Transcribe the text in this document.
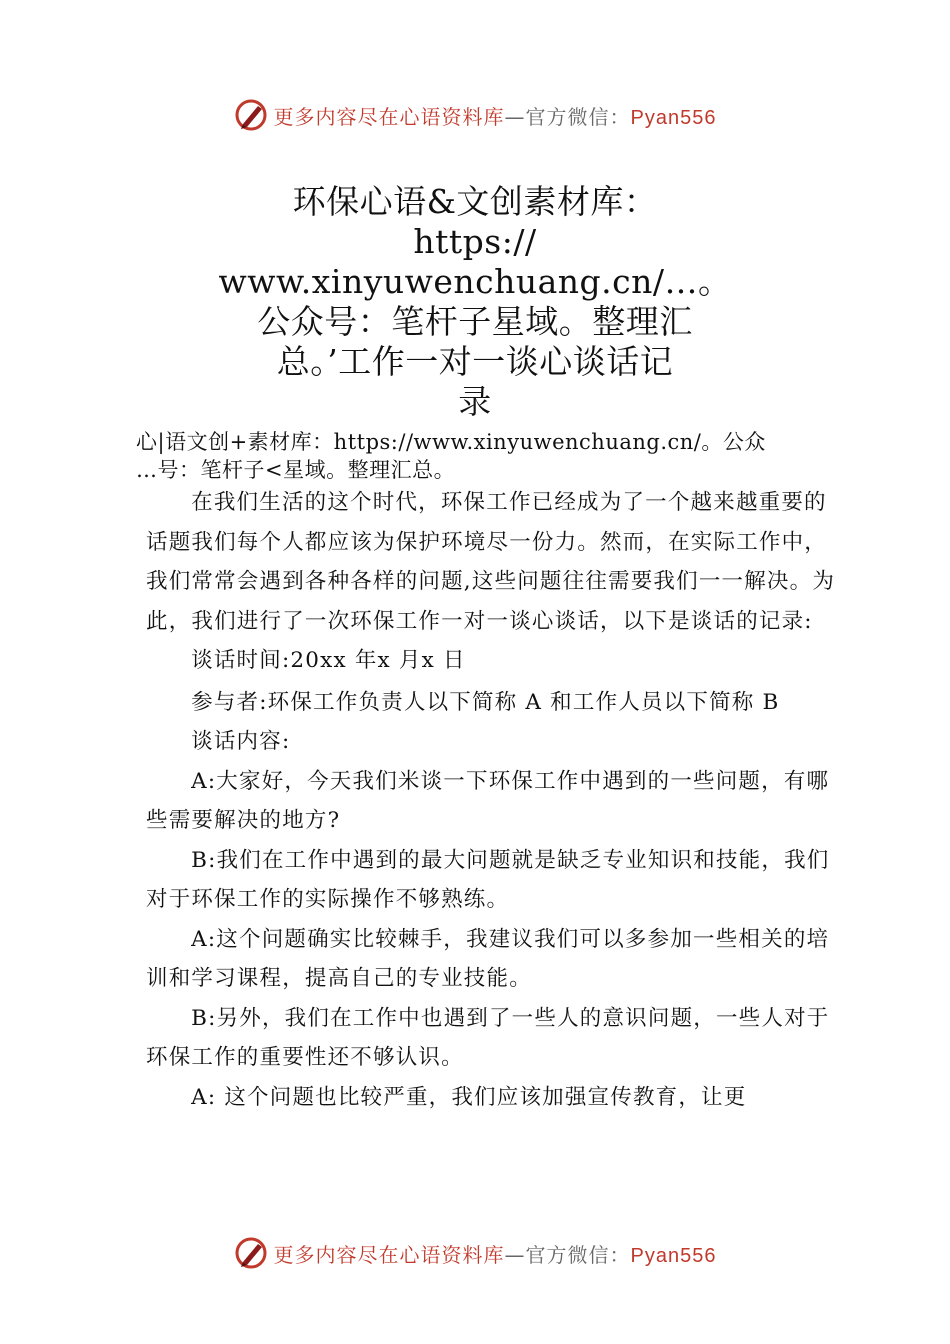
更多内容尽在心语资料库—官方微信：Pyan556
环保心语&文创素材库：
https://
www.xinyuwenchuang.cn/…。
公众号：笔杆子星域。整理汇
总。’工作一对一谈心谈话记
录
心|语文创+素材库：https://www.xinyuwenchuang.cn/。公众
…号：笔杆子<星域。整理汇总。

在我们生活的这个时代，环保工作已经成为了一个越来越重要的话题我们每个人都应该为保护环境尽一份力。然而，在实际工作中，我们常常会遇到各种各样的问题,这些问题往往需要我们一一解决。为此，我们进行了一次环保工作一对一谈心谈话，以下是谈话的记录:

谈话时间:20xx 年x 月x 日

参与者:环保工作负责人以下简称 A 和工作人员以下简称 B

谈话内容:

A:大家好，今天我们米谈一下环保工作中遇到的一些问题，有哪些需要解决的地方?

B:我们在工作中遇到的最大问题就是缺乏专业知识和技能，我们对于环保工作的实际操作不够熟练。

A:这个问题确实比较棘手，我建议我们可以多参加一些相关的培训和学习课程，提高自己的专业技能。

B:另外，我们在工作中也遇到了一些人的意识问题，一些人对于环保工作的重要性还不够认识。

A: 这个问题也比较严重，我们应该加强宣传教育，让更

更多内容尽在心语资料库—官方微信：Pyan556
